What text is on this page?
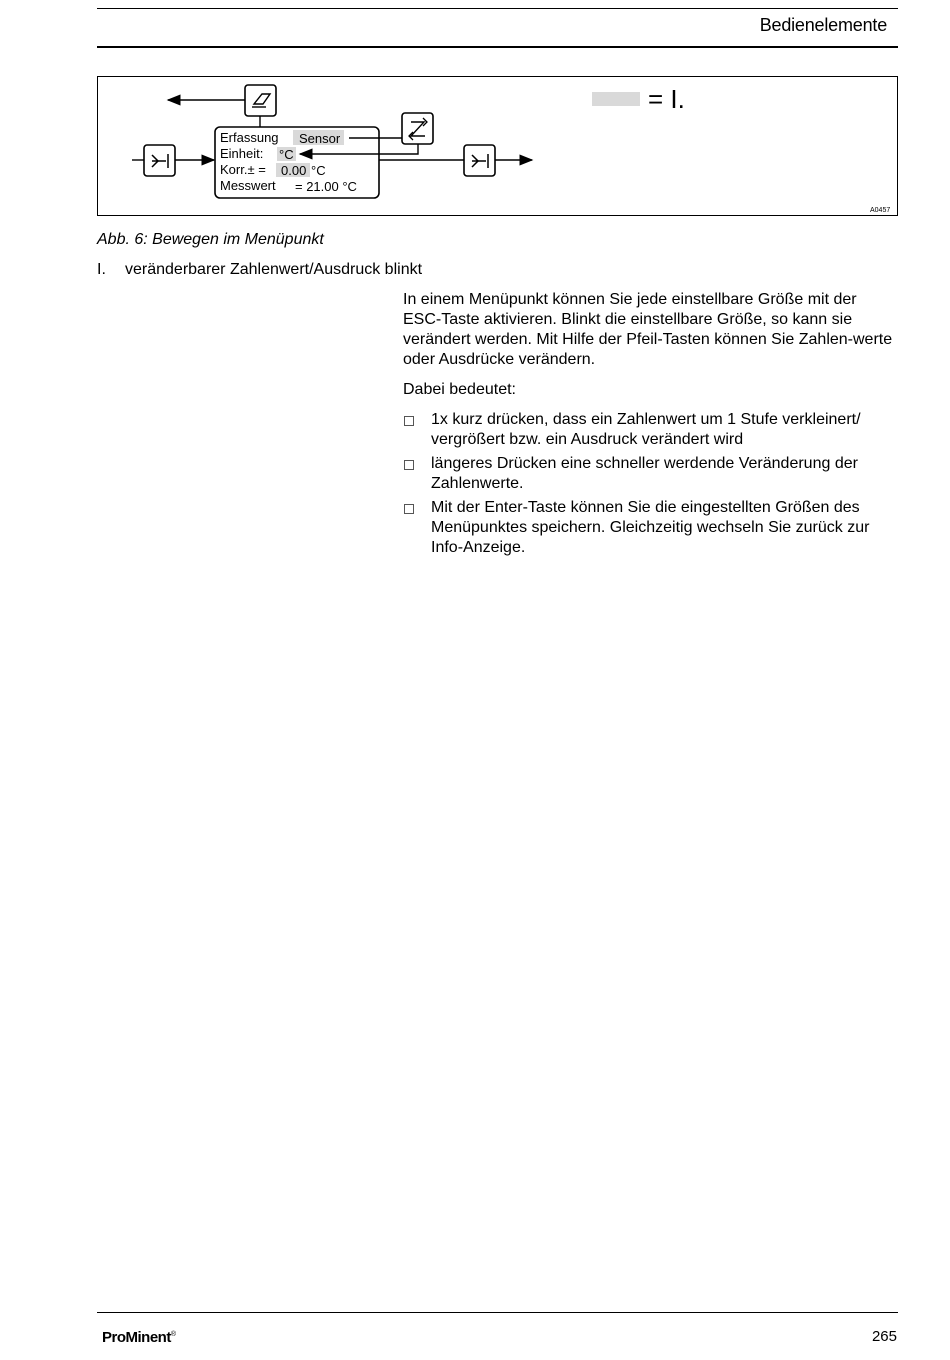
Bedienelemente
Erfassung Sensor
Einheit: °C
Korr.± = 0.00 °C
Messwert = 21.00 °C
= I.
A0457
Abb. 6: Bewegen im Menüpunkt
I. veränderbarer Zahlenwert/Ausdruck blinkt

In einem Menüpunkt können Sie jede einstellbare Größe mit der ESC-Taste aktivieren. Blinkt die einstellbare Größe, so kann sie verändert werden. Mit Hilfe der Pfeil-Tasten können Sie Zahlen-werte oder Ausdrücke verändern.

Dabei bedeutet:

1x kurz drücken, dass ein Zahlenwert um 1 Stufe verkleinert/ vergrößert bzw. ein Ausdruck verändert wird
längeres Drücken eine schneller werdende Veränderung der Zahlenwerte.
Mit der Enter-Taste können Sie die eingestellten Größen des Menüpunktes speichern. Gleichzeitig wechseln Sie zurück zur Info-Anzeige.
ProMinent®	265
